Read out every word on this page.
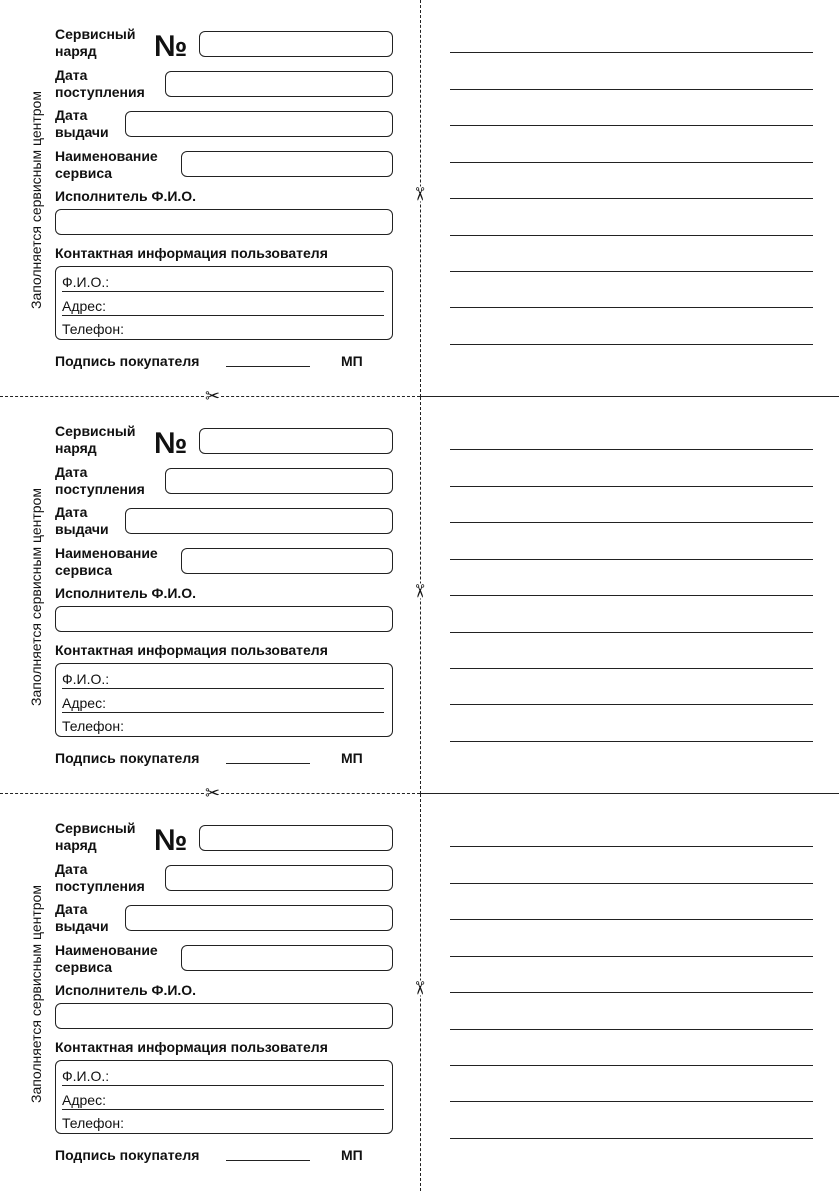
Заполняется сервисным центром
Сервисный
наряд	№
Дата
поступления
Дата
выдачи
Наименование
сервиса
Исполнитель Ф.И.О.
Контактная информация пользователя
Ф.И.О.:
Адрес:
Телефон:
Подпись покупателя	МП
✂
✂
Заполняется сервисным центром
Сервисный
наряд	№
Дата
поступления
Дата
выдачи
Наименование
сервиса
Исполнитель Ф.И.О.
Контактная информация пользователя
Ф.И.О.:
Адрес:
Телефон:
Подпись покупателя	МП
✂
✂
Заполняется сервисным центром
Сервисный
наряд	№
Дата
поступления
Дата
выдачи
Наименование
сервиса
Исполнитель Ф.И.О.
Контактная информация пользователя
Ф.И.О.:
Адрес:
Телефон:
Подпись покупателя	МП
✂
